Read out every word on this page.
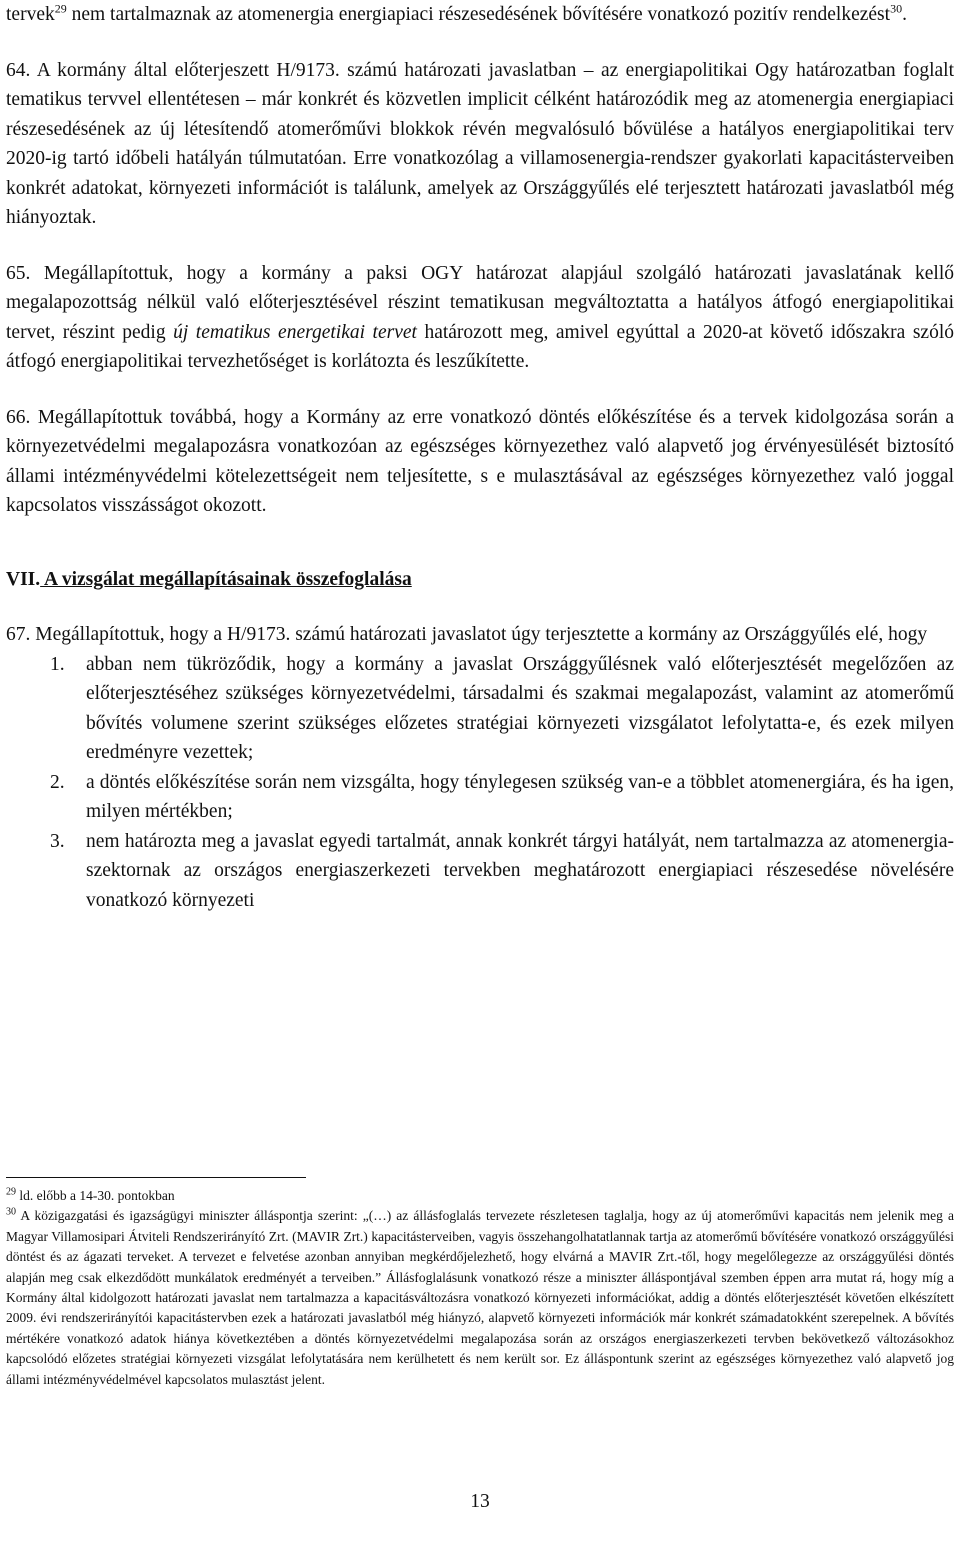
tervek$^{29}$ nem tartalmaznak az atomenergia energiapiaci részesedésének bővítésére vonatkozó pozitív rendelkezést$^{30}$.

64. A kormány által előterjeszett H/9173. számú határozati javaslatban – az energiapolitikai Ogy határozatban foglalt tematikus tervvel ellentétesen – már konkrét és közvetlen implicit célként határozódik meg az atomenergia energiapiaci részesedésének az új létesítendő atomerőművi blokkok révén megvalósuló bővülése a hatályos energiapolitikai terv 2020-ig tartó időbeli hatályán túlmutatóan. Erre vonatkozólag a villamosenergia-rendszer gyakorlati kapacitásterveiben konkrét adatokat, környezeti információt is találunk, amelyek az Országgyűlés elé terjesztett határozati javaslatból még hiányoztak.

65. Megállapítottuk, hogy a kormány a paksi OGY határozat alapjául szolgáló határozati javaslatának kellő megalapozottság nélkül való előterjesztésével részint tematikusan megváltoztatta a hatályos átfogó energiapolitikai tervet, részint pedig új tematikus energetikai tervet határozott meg, amivel egyúttal a 2020-at követő időszakra szóló átfogó energiapolitikai tervezhetőséget is korlátozta és leszűkítette.

66. Megállapítottuk továbbá, hogy a Kormány az erre vonatkozó döntés előkészítése és a tervek kidolgozása során a környezetvédelmi megalapozásra vonatkozóan az egészséges környezethez való alapvető jog érvényesülését biztosító állami intézményvédelmi kötelezettségeit nem teljesítette, s e mulasztásával az egészséges környezethez való joggal kapcsolatos visszásságot okozott.

VII. A vizsgálat megállapításainak összefoglalása

67. Megállapítottuk, hogy a H/9173. számú határozati javaslatot úgy terjesztette a kormány az Országgyűlés elé, hogy

1. abban nem tükröződik, hogy a kormány a javaslat Országgyűlésnek való előterjesztését megelőzően az előterjesztéséhez szükséges környezetvédelmi, társadalmi és szakmai megalapozást, valamint az atomerőmű bővítés volumene szerint szükséges előzetes stratégiai környezeti vizsgálatot lefolytatta-e, és ezek milyen eredményre vezettek;
2. a döntés előkészítése során nem vizsgálta, hogy ténylegesen szükség van-e a többlet atomenergiára, és ha igen, milyen mértékben;
3. nem határozta meg a javaslat egyedi tartalmát, annak konkrét tárgyi hatályát, nem tartalmazza az atomenergia-szektornak az országos energiaszerkezeti tervekben meghatározott energiapiaci részesedése növelésére vonatkozó környezeti

$^{29}$ ld. előbb a 14-30. pontokban

$^{30}$ A közigazgatási és igazságügyi miniszter álláspontja szerint: „(…) az állásfoglalás tervezete részletesen taglalja, hogy az új atomerőművi kapacitás nem jelenik meg a Magyar Villamosipari Átviteli Rendszerirányító Zrt. (MAVIR Zrt.) kapacitásterveiben, vagyis összehangolhatatlannak tartja az atomerőmű bővítésére vonatkozó országgyűlési döntést és az ágazati terveket. A tervezet e felvetése azonban annyiban megkérdőjelezhető, hogy elvárná a MAVIR Zrt.-től, hogy megelőlegezze az országgyűlési döntés alapján meg csak elkezdődött munkálatok eredményét a terveiben.” Állásfoglalásunk vonatkozó része a miniszter álláspontjával szemben éppen arra mutat rá, hogy míg a Kormány által kidolgozott határozati javaslat nem tartalmazza a kapacitásváltozásra vonatkozó környezeti információkat, addig a döntés előterjesztését követően elkészített 2009. évi rendszerirányítói kapacitástervben ezek a határozati javaslatból még hiányzó, alapvető környezeti információk már konkrét számadatokként szerepelnek. A bővítés mértékére vonatkozó adatok hiánya következtében a döntés környezetvédelmi megalapozása során az országos energiaszerkezeti tervben bekövetkező változásokhoz kapcsolódó előzetes stratégiai környezeti vizsgálat lefolytatására nem kerülhetett és nem került sor. Ez álláspontunk szerint az egészséges környezethez való alapvető jog állami intézményvédelmével kapcsolatos mulasztást jelent.

13
